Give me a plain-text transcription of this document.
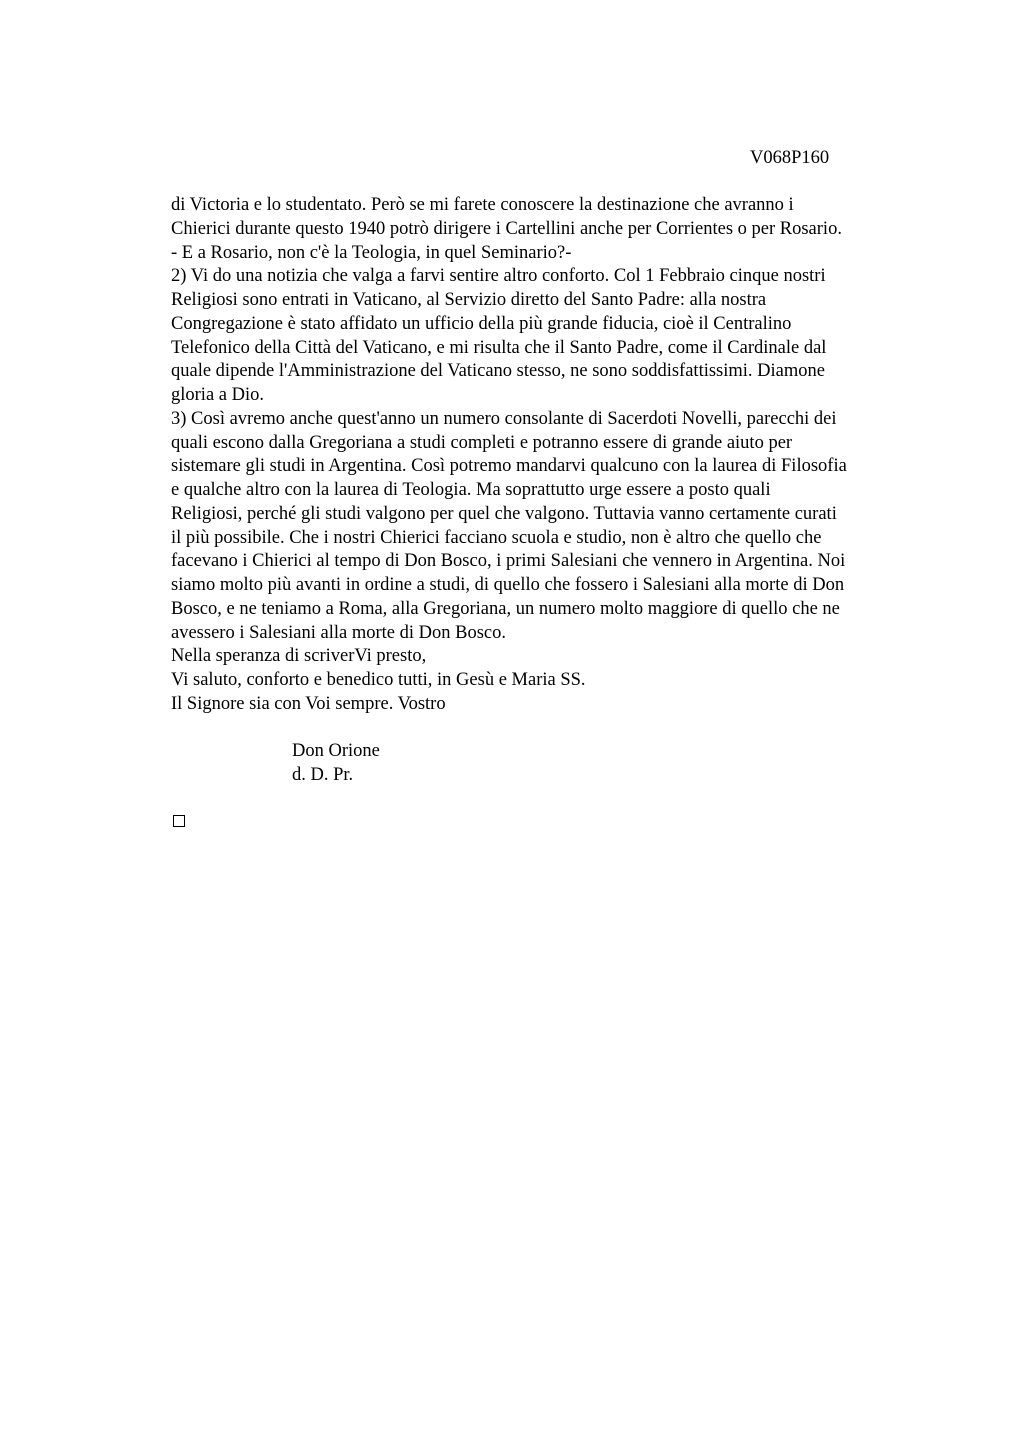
V068P160
di Victoria e lo studentato. Però se mi farete conoscere la destinazione che avranno i
Chierici durante questo 1940 potrò dirigere i Cartellini anche per Corrientes o per Rosario.
- E a Rosario, non c'è la Teologia, in quel Seminario?-
2) Vi do una notizia che valga a farvi sentire altro conforto. Col 1 Febbraio cinque nostri
Religiosi sono entrati in Vaticano, al Servizio diretto del Santo Padre: alla nostra
Congregazione è stato affidato un ufficio della più grande fiducia, cioè il Centralino
Telefonico della Città del Vaticano, e mi risulta che il Santo Padre, come il Cardinale dal
quale dipende l'Amministrazione del Vaticano stesso, ne sono soddisfattissimi. Diamone
gloria a Dio.
3) Così avremo anche quest'anno un numero consolante di Sacerdoti Novelli, parecchi dei
quali escono dalla Gregoriana a studi completi e potranno essere di grande aiuto per
sistemare gli studi in Argentina. Così potremo mandarvi qualcuno con la laurea di Filosofia
e qualche altro con la laurea di Teologia. Ma soprattutto urge essere a posto quali
Religiosi, perché gli studi valgono per quel che valgono. Tuttavia vanno certamente curati
il più possibile. Che i nostri Chierici facciano scuola e studio, non è altro che quello che
facevano i Chierici al tempo di Don Bosco, i primi Salesiani che vennero in Argentina. Noi
siamo molto più avanti in ordine a studi, di quello che fossero i Salesiani alla morte di Don
Bosco, e ne teniamo a Roma, alla Gregoriana, un numero molto maggiore di quello che ne
avessero i Salesiani alla morte di Don Bosco.
Nella speranza di scriverVi presto,
Vi saluto, conforto e benedico tutti, in Gesù e Maria SS.
Il Signore sia con Voi sempre. Vostro
Don Orione
d. D. Pr.
